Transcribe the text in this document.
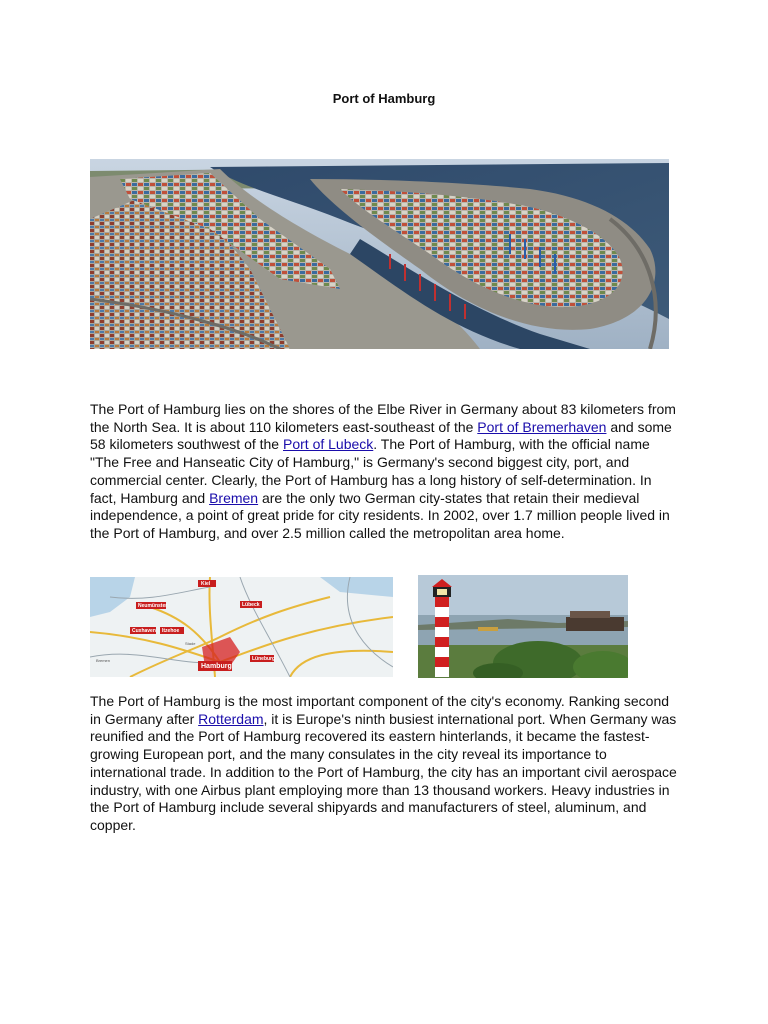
Port of Hamburg
Kiel
Neumünster	Lübeck
Cuxhaven Itzehoe
Hamburg
Lüneburg
Stade
Bremen

The Port of Hamburg lies on the shores of the Elbe River in Germany about 83 kilometers from the North Sea. It is about 110 kilometers east-southeast of the Port of Bremerhaven and some 58 kilometers southwest of the Port of Lubeck. The Port of Hamburg, with the official name "The Free and Hanseatic City of Hamburg," is Germany's second biggest city, port, and commercial center. Clearly, the Port of Hamburg has a long history of self-determination. In fact, Hamburg and Bremen are the only two German city-states that retain their medieval independence, a point of great pride for city residents. In 2002, over 1.7 million people lived in the Port of Hamburg, and over 2.5 million called the metropolitan area home.

The Port of Hamburg is the most important component of the city's economy. Ranking second in Germany after Rotterdam, it is Europe's ninth busiest international port. When Germany was reunified and the Port of Hamburg recovered its eastern hinterlands, it became the fastest-growing European port, and the many consulates in the city reveal its importance to international trade. In addition to the Port of Hamburg, the city has an important civil aerospace industry, with one Airbus plant employing more than 13 thousand workers. Heavy industries in the Port of Hamburg include several shipyards and manufacturers of steel, aluminum, and copper.
